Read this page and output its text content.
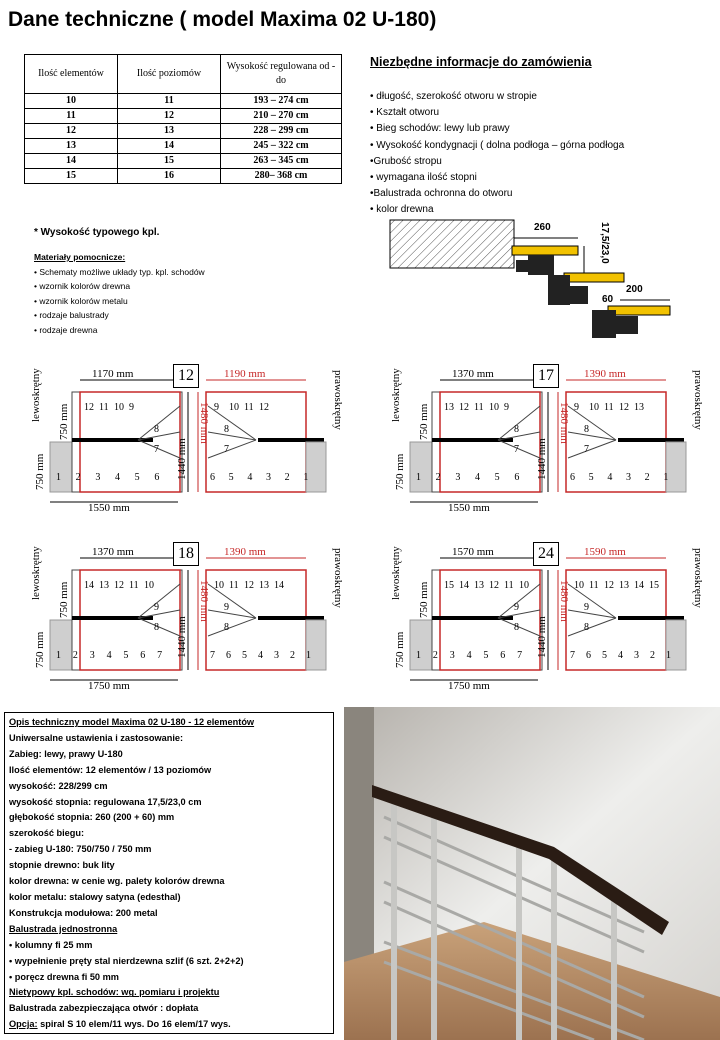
Dane techniczne ( model Maxima 02 U-180)
Ilość elementów	Ilość poziomów	Wysokość regulowana od - do
10	11	193 – 274 cm
11	12	210 – 270 cm
12	13	228 – 299 cm
13	14	245 – 322 cm
14	15	263 – 345 cm
15	16	280– 368 cm
* Wysokość typowego kpl.
Materiały pomocnicze:
• Schematy możliwe układy typ. kpl. schodów
• wzornik kolorów drewna
• wzornik kolorów metalu
• rodzaje balustrady
• rodzaje drewna
Niezbędne informacje do zamówienia
• długość, szerokość otworu w stropie
• Kształt otworu
• Bieg schodów: lewy lub prawy
• Wysokość kondygnacji ( dolna podłoga – górna podłoga
•Grubość stropu
• wymagana ilość stopni
•Balustrada ochronna do otworu
• kolor drewna
260	17,5/23,0
60
200
12
1170 mm	1190 mm
1550 mm
lewoskrętny	prawoskrętny
750 mm
750 mm	1440 mm
1480 mm
12 11 10 9
8
7
1 2 3 4 5 6
9 10 11 12
8
7
6 5 4 3 2 1
17
1370 mm	1390 mm
1550 mm
lewoskrętny	prawoskrętny
750 mm
750 mm	1440 mm
1480 mm
13 12 11 10 9
8
7
1 2 3 4 5 6
9 10 11 12 13
8
7
6 5 4 3 2 1
18
1370 mm	1390 mm
1750 mm
lewoskrętny	prawoskrętny
750 mm
750 mm	1440 mm
1480 mm
14 13 12 11 10
9
8
1 2 3 4 5 6 7
10 11 12 13 14
9
8
7 6 5 4 3 2 1
24
1570 mm	1590 mm
1750 mm
lewoskrętny	prawoskrętny
750 mm
750 mm	1440 mm
1480 mm
15 14 13 12 11 10
9
8
1 2 3 4 5 6 7
10 11 12 13 14 15
9
8
7 6 5 4 3 2 1
Opis techniczny model Maxima 02 U-180 - 12 elementów
Uniwersalne ustawienia i zastosowanie:
Zabieg: lewy, prawy U-180
Ilość elementów: 12 elementów / 13 poziomów
wysokość: 228/299 cm
wysokość stopnia: regulowana 17,5/23,0 cm
głębokość stopnia: 260 (200 + 60) mm
szerokość biegu:
- zabieg U-180: 750/750 / 750 mm
stopnie drewno: buk lity
kolor drewna: w cenie wg. palety kolorów drewna
kolor metalu: stalowy satyna (edesthal)
Konstrukcja modułowa: 200 metal
Balustrada jednostronna
• kolumny fi 25 mm
• wypełnienie pręty stal nierdzewna szlif (6 szt. 2+2+2)
• poręcz drewna fi 50 mm
Nietypowy kpl. schodów: wg. pomiaru i projektu
Balustrada zabezpieczająca otwór : dopłata
Opcja: spiral S 10 elem/11 wys. Do 16 elem/17 wys.
